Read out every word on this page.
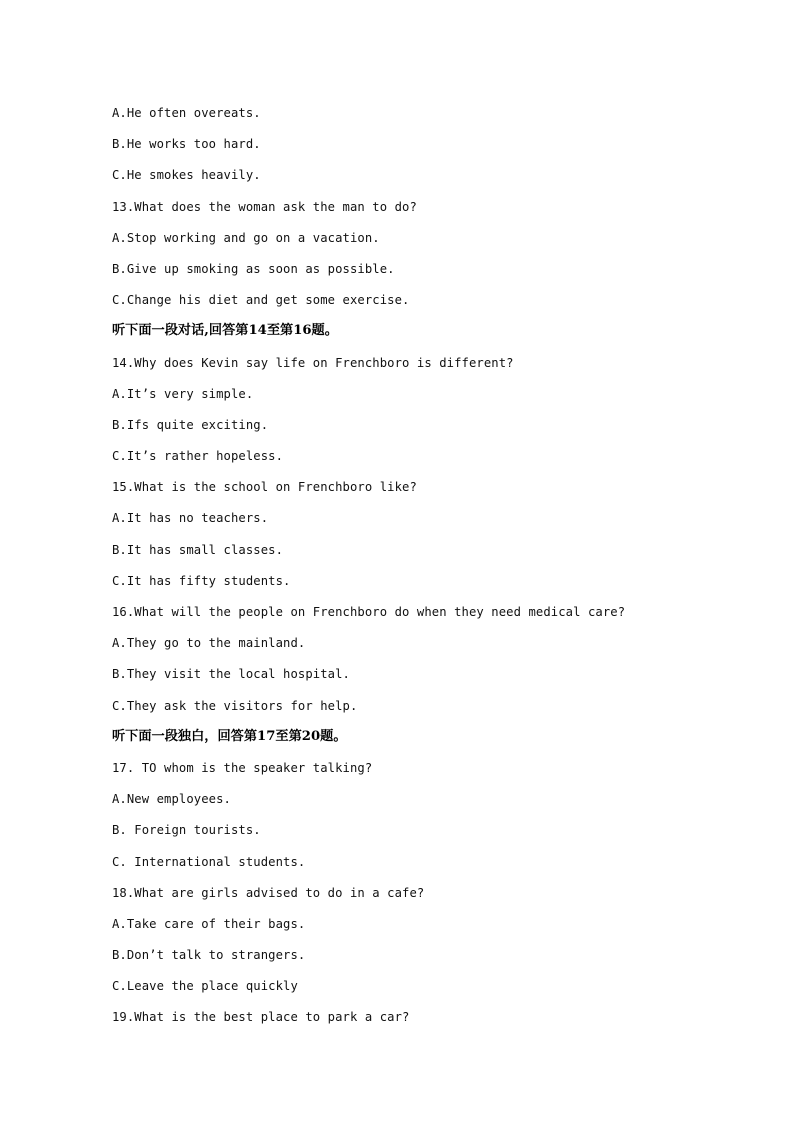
A.He often overeats.
B.He works too hard.
C.He smokes heavily.
13.What does the woman ask the man to do?
A.Stop working and go on a vacation.
B.Give up smoking as soon as possible.
C.Change his diet and get some exercise.
听下面一段对话,回答第14至第16题。
14.Why does Kevin say life on Frenchboro is different?
A.It’s very simple.
B.Ifs quite exciting.
C.It’s rather hopeless.
15.What is the school on Frenchboro like?
A.It has no teachers.
B.It has small classes.
C.It has fifty students.
16.What will the people on Frenchboro do when they need medical care?
A.They go to the mainland.
B.They visit the local hospital.
C.They ask the visitors for help.
听下面一段独白，回答第17至第20题。
17. TO whom is the speaker talking?
A.New employees.
B. Foreign tourists.
C. International students.
18.What are girls advised to do in a cafe?
A.Take care of their bags.
B.Don’t talk to strangers.
C.Leave the place quickly
19.What is the best place to park a car?
